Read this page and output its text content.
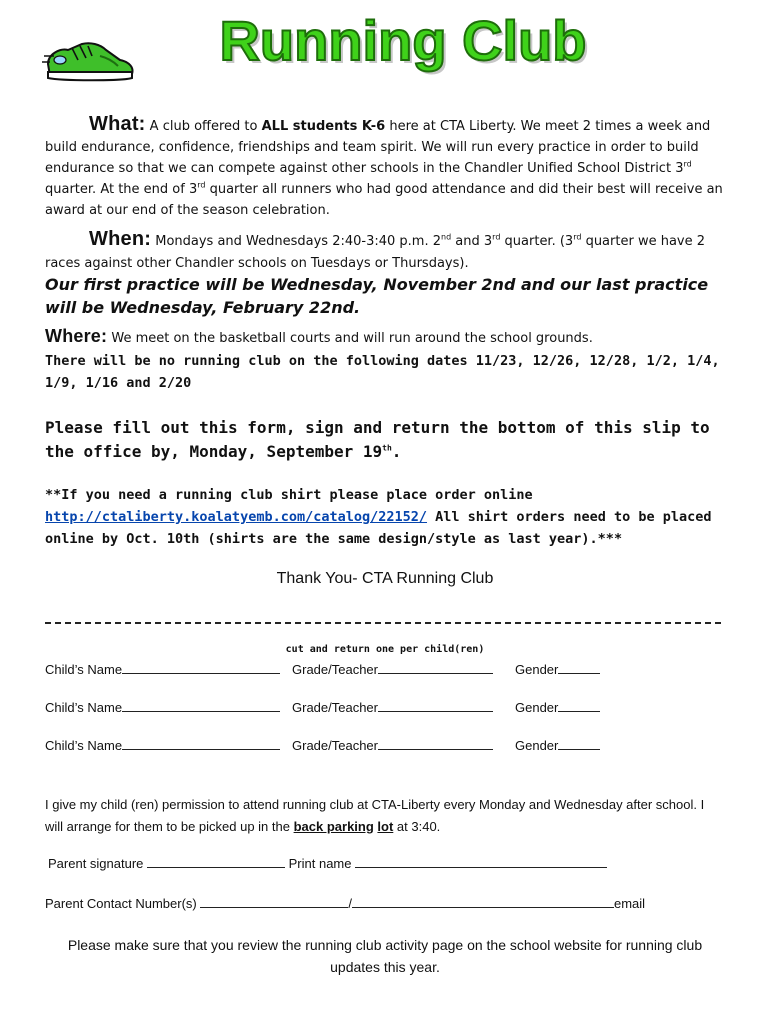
Running Club
What: A club offered to ALL students K-6 here at CTA Liberty. We meet 2 times a week and build endurance, confidence, friendships and team spirit. We will run every practice in order to build endurance so that we can compete against other schools in the Chandler Unified School District 3rd quarter. At the end of 3rd quarter all runners who had good attendance and did their best will receive an award at our end of the season celebration.
When: Mondays and Wednesdays 2:40-3:40 p.m. 2nd and 3rd quarter. (3rd quarter we have 2 races against other Chandler schools on Tuesdays or Thursdays).
Our first practice will be Wednesday, November 2nd and our last practice will be Wednesday, February 22nd.
Where: We meet on the basketball courts and will run around the school grounds.
There will be no running club on the following dates 11/23, 12/26, 12/28, 1/2, 1/4, 1/9, 1/16 and 2/20
Please fill out this form, sign and return the bottom of this slip to the office by, Monday, September 19th.
**If you need a running club shirt please place order online http://ctaliberty.koalatyemb.com/catalog/22152/ All shirt orders need to be placed online by Oct. 10th (shirts are the same design/style as last year).***
Thank You- CTA Running Club
cut and return one per child(ren)
Child’s Name	Grade/Teacher	Gender
Child’s Name	Grade/Teacher	Gender
Child’s Name	Grade/Teacher	Gender
I give my child (ren) permission to attend running club at CTA-Liberty every Monday and Wednesday after school. I will arrange for them to be picked up in the back parking lot at 3:40.
Parent signature	Print name
Parent Contact Number(s)	/	email
Please make sure that you review the running club activity page on the school website for running club updates this year.
